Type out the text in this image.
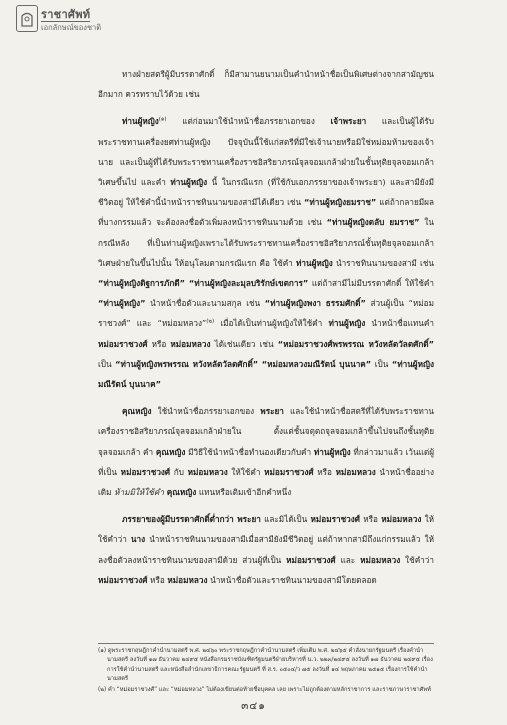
ราชาศัพท์
เอกลักษณ์ของชาติ

ทางฝ่ายสตรีผู้มีบรรดาศักดิ์ ก็มีสามานยนามเป็นคำนำหน้าชื่อเป็นพิเศษต่างจากสามัญชนอีกมาก ควรทราบไว้ด้วย เช่น

ท่านผู้หญิง$^{(๑)}$ แต่ก่อนมาใช้นำหน้าชื่อภรรยาเอกของ เจ้าพระยา และเป็นผู้ได้รับพระราชทานเครื่องยศท่านผู้หญิง ปัจจุบันนี้ใช้แก่สตรีที่มีใช่เจ้านายหรือมิใช่หม่อมห้ามของเจ้านาย และเป็นผู้ที่ได้รับพระราชทานเครื่องราชอิสริยาภรณ์จุลจอมเกล้าฝ่ายในชั้นทุติยจุลจอมเกล้าวิเศษขึ้นไป และคำ ท่านผู้หญิง นี้ ในกรณีแรก (ที่ใช้กับเอกภรรยาของเจ้าพระยา) และสามียังมีชีวิตอยู่ ให้ใช้คำนี้นำหน้าราชทินนามของสามีได้เดียว เช่น “ท่านผู้หญิงยมราช” แต่ถ้ากลายมีผลที่บางกรรมแล้ว จะต้องลงชื่อตัวเพิ่มลงหน้าราชทินนามด้วย เช่น “ท่านผู้หญิงตลับ ยมราช” ในกรณีหลัง ที่เป็นท่านผู้หญิงเพราะได้รับพระราชทานเครื่องราชอิสริยาภรณ์ชั้นทุติยจุลจอมเกล้าวิเศษฝ่ายในขึ้นไปนั้น ให้อนุโลมตามกรณีแรก คือ ใช้คำ ท่านผู้หญิง นำราชทินนามของสามี เช่น “ท่านผู้หญิงดิฐการภักดี” “ท่านผู้หญิงละมุลบริรักษ์เขตการ” แต่ถ้าสามีไม่มีบรรดาศักดิ์ ให้ใช้คำ “ท่านผู้หญิง” นำหน้าชื่อตัวและนามสกุล เช่น “ท่านผู้หญิงพงา ธรรมศักดิ์” ส่วนผู้เป็น “หม่อมราชวงศ์” และ “หม่อมหลวง”$^{(๒)}$ เมื่อได้เป็นท่านผู้หญิงให้ใช้คำ ท่านผู้หญิง นำหน้าชื่อแทนคำ หม่อมราชวงศ์ หรือ หม่อมหลวง ได้เช่นเดียว เช่น “หม่อมราชวงศ์พรพรรณ หวังหลัตวัลตศักดิ์” เป็น “ท่านผู้หญิงพรพรรณ หวังหลัตวัลตศักดิ์” “หม่อมหลวงมณีรัตน์ บุนนาค” เป็น “ท่านผู้หญิงมณีรัตน์ บุนนาค”

คุณหญิง ใช้นำหน้าชื่อภรรยาเอกของ พระยา และใช้นำหน้าชื่อสตรีที่ได้รับพระราชทานเครื่องราชอิสริยาภรณ์จุลจอมเกล้าฝ่ายใน ตั้งแต่ชั้นจตุตถจุลจอมเกล้าขึ้นไปจนถึงชั้นทุติยจุลจอมเกล้า คำ คุณหญิง มีวิธีใช้นำหน้าชื่อทำนองเดียวกับคำ ท่านผู้หญิง ที่กล่าวมาแล้ว เว้นแต่ผู้ที่เป็น หม่อมราชวงศ์ กับ หม่อมหลวง ให้ใช้คำ หม่อมราชวงศ์ หรือ หม่อมหลวง นำหน้าชื่ออย่างเดิม ห้ามมิให้ใช้คำ คุณหญิง แทนหรือเติมเข้าอีกคำหนึ่ง

ภรรยาของผู้มีบรรดาศักดิ์ต่ำกว่า พระยา และมิได้เป็น หม่อมราชวงศ์ หรือ หม่อมหลวง ให้ใช้คำว่า นาง นำหน้าราชทินนามของสามีเมื่อสามียังมีชีวิตอยู่ แต่ถ้าหากสามีถึงแก่กรรมแล้ว ให้ลงชื่อตัวลงหน้าราชทินนามของสามีด้วย ส่วนผู้ที่เป็น หม่อมราชวงศ์ และ หม่อมหลวง ใช้คำว่า หม่อมราชวงศ์ หรือ หม่อมหลวง นำหน้าชื่อตัวและราชทินนามของสามีโดยตลอด

(๑) ดูพระราชกฤษฎีกาคำนำนามสตรี พ.ศ. ๒๔๖๐ พระราชกฤษฎีกาคำนำนามสตรี เพิ่มเติม พ.ศ. ๒๔๖๕ คำสั่งนายกรัฐมนตรี เรื่องคำนำนามสตรี ลงวันที่ ๑๗ ธันวาคม ๒๔๙๕ หนังสือกรมราชบัณฑิตรัฐมนตรีฝ่ายบริหารที่ น.ว. ๒๒๓/๒๔๙๕ ลงวันที่ ๑๗ ธันวาคม ๒๔๙๕ เรื่องการใช้คำนำนามสตรี และหนังสือสำนักเลขาธิการคณะรัฐมนตรี ที่ ส.ร. ๐๕๐๔/ว ๗๕ ลงวันที่ ๑๔ พฤษภาคม ๒๕๑๕ เรื่องการใช้คำนำนามสตรี
(๒) คำ “หม่อมราชวงศ์” และ “หม่อมหลวง” ไม่ต้องเขียนต่อท้ายชื่อบุคคล เลย เพราะไม่ถูกต้องตามหลักราชาการ และราชภาษาราชาศัพท์
๓๔๑
